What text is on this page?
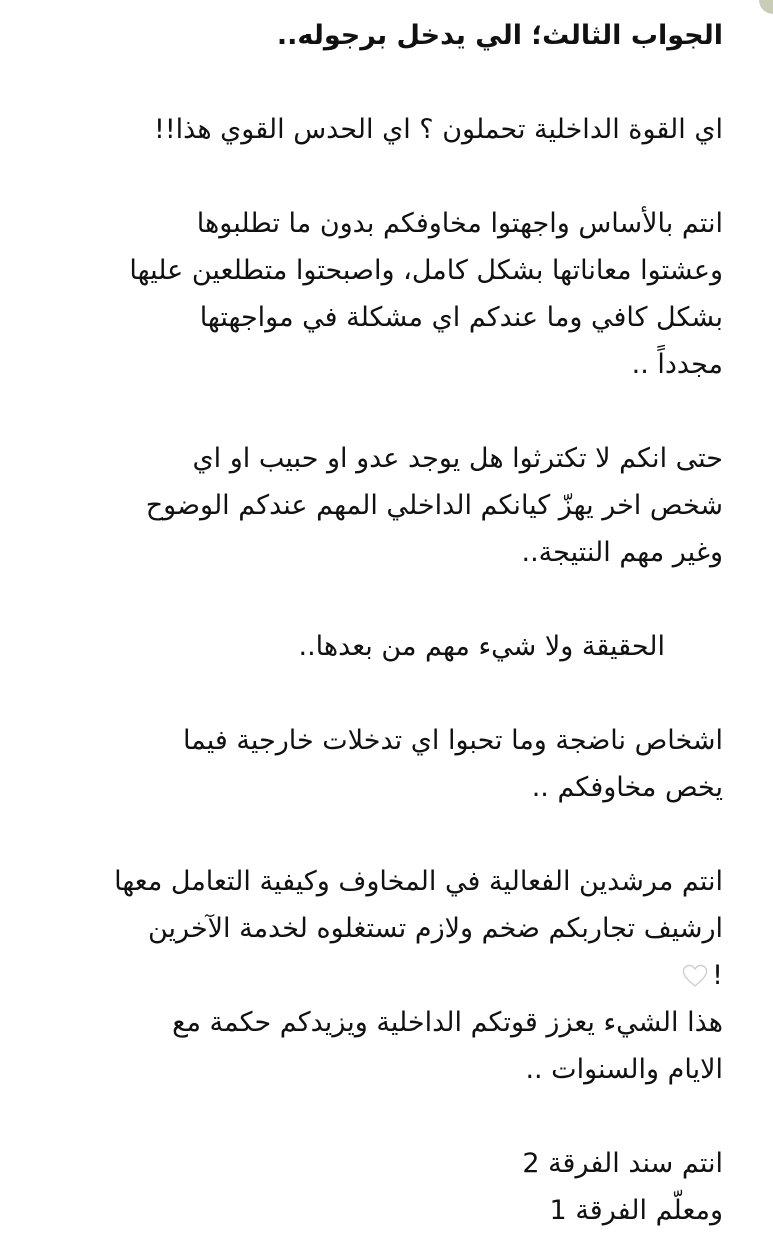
الجواب الثالث؛ الي يدخل برجوله..

اي القوة الداخلية تحملون ؟ اي الحدس القوي هذا!!

انتم بالأساس واجهتوا مخاوفكم بدون ما تطلبوها

وعشتوا معاناتها بشكل كامل، واصبحتوا متطلعين عليها

بشكل كافي وما عندكم اي مشكلة في مواجهتها

مجدداً ..

حتى انكم لا تكترثوا هل يوجد عدو او حبيب او اي

شخص اخر يهزّ كيانكم الداخلي المهم عندكم الوضوح

وغير مهم النتيجة..

الحقيقة ولا شيء مهم من بعدها..

اشخاص ناضجة وما تحبوا اي تدخلات خارجية فيما

يخص مخاوفكم ..

انتم مرشدين الفعالية في المخاوف وكيفية التعامل معها

ارشيف تجاربكم ضخم ولازم تستغلوه لخدمة الآخرين

!

هذا الشيء يعزز قوتكم الداخلية ويزيدكم حكمة مع

الايام والسنوات ..

انتم سند الفرقة 2

ومعلّم الفرقة 1
